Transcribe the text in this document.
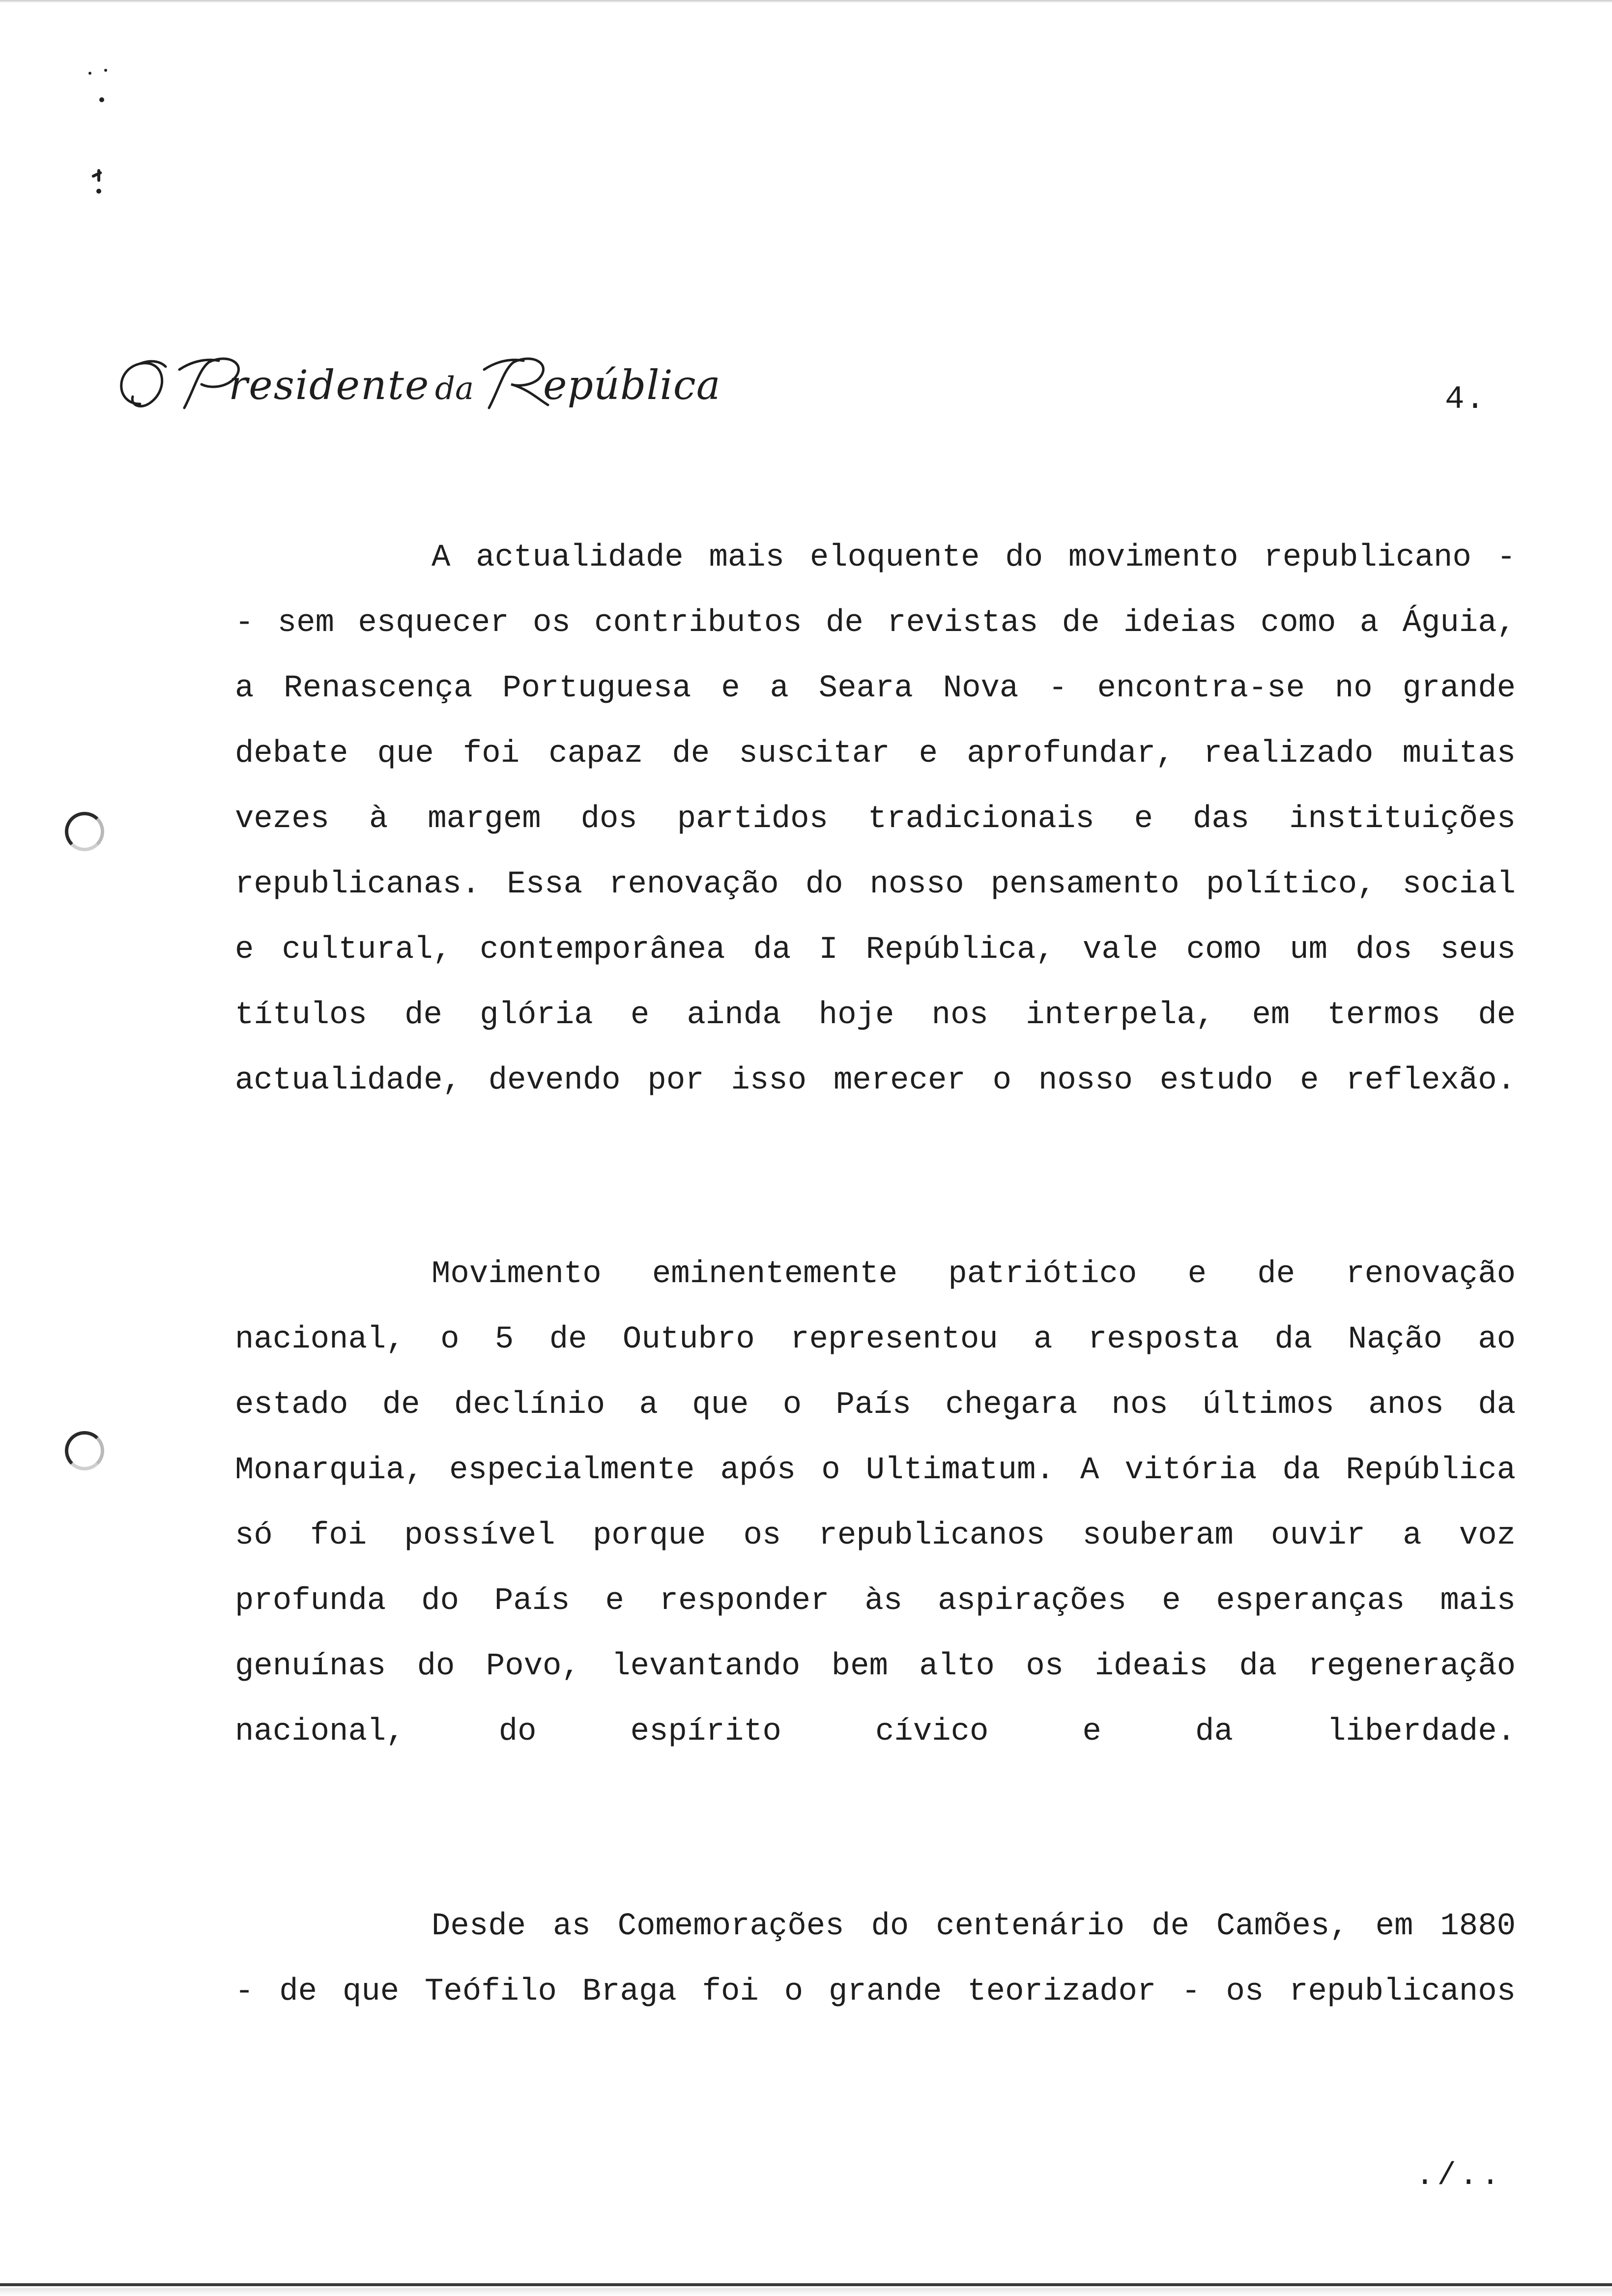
residente da epública	4.
A actualidade mais eloquente do movimento republicano -
- sem esquecer os contributos de revistas de ideias como a Águia,
a Renascença Portuguesa e a Seara Nova - encontra-se no grande
debate que foi capaz de suscitar e aprofundar, realizado muitas
vezes à margem dos partidos tradicionais e das instituições
republicanas. Essa renovação do nosso pensamento político, social
e cultural, contemporânea da I República, vale como um dos seus
títulos de glória e ainda hoje nos interpela, em termos de
actualidade, devendo por isso merecer o nosso estudo e reflexão.
Movimento eminentemente patriótico e de renovação
nacional, o 5 de Outubro representou a resposta da Nação ao
estado de declínio a que o País chegara nos últimos anos da
Monarquia, especialmente após o Ultimatum. A vitória da República
só foi possível porque os republicanos souberam ouvir a voz
profunda do País e responder às aspirações e esperanças mais
genuínas do Povo, levantando bem alto os ideais da regeneração
nacional, do espírito cívico e da liberdade.
Desde as Comemorações do centenário de Camões, em 1880
- de que Teófilo Braga foi o grande teorizador - os republicanos
./..
